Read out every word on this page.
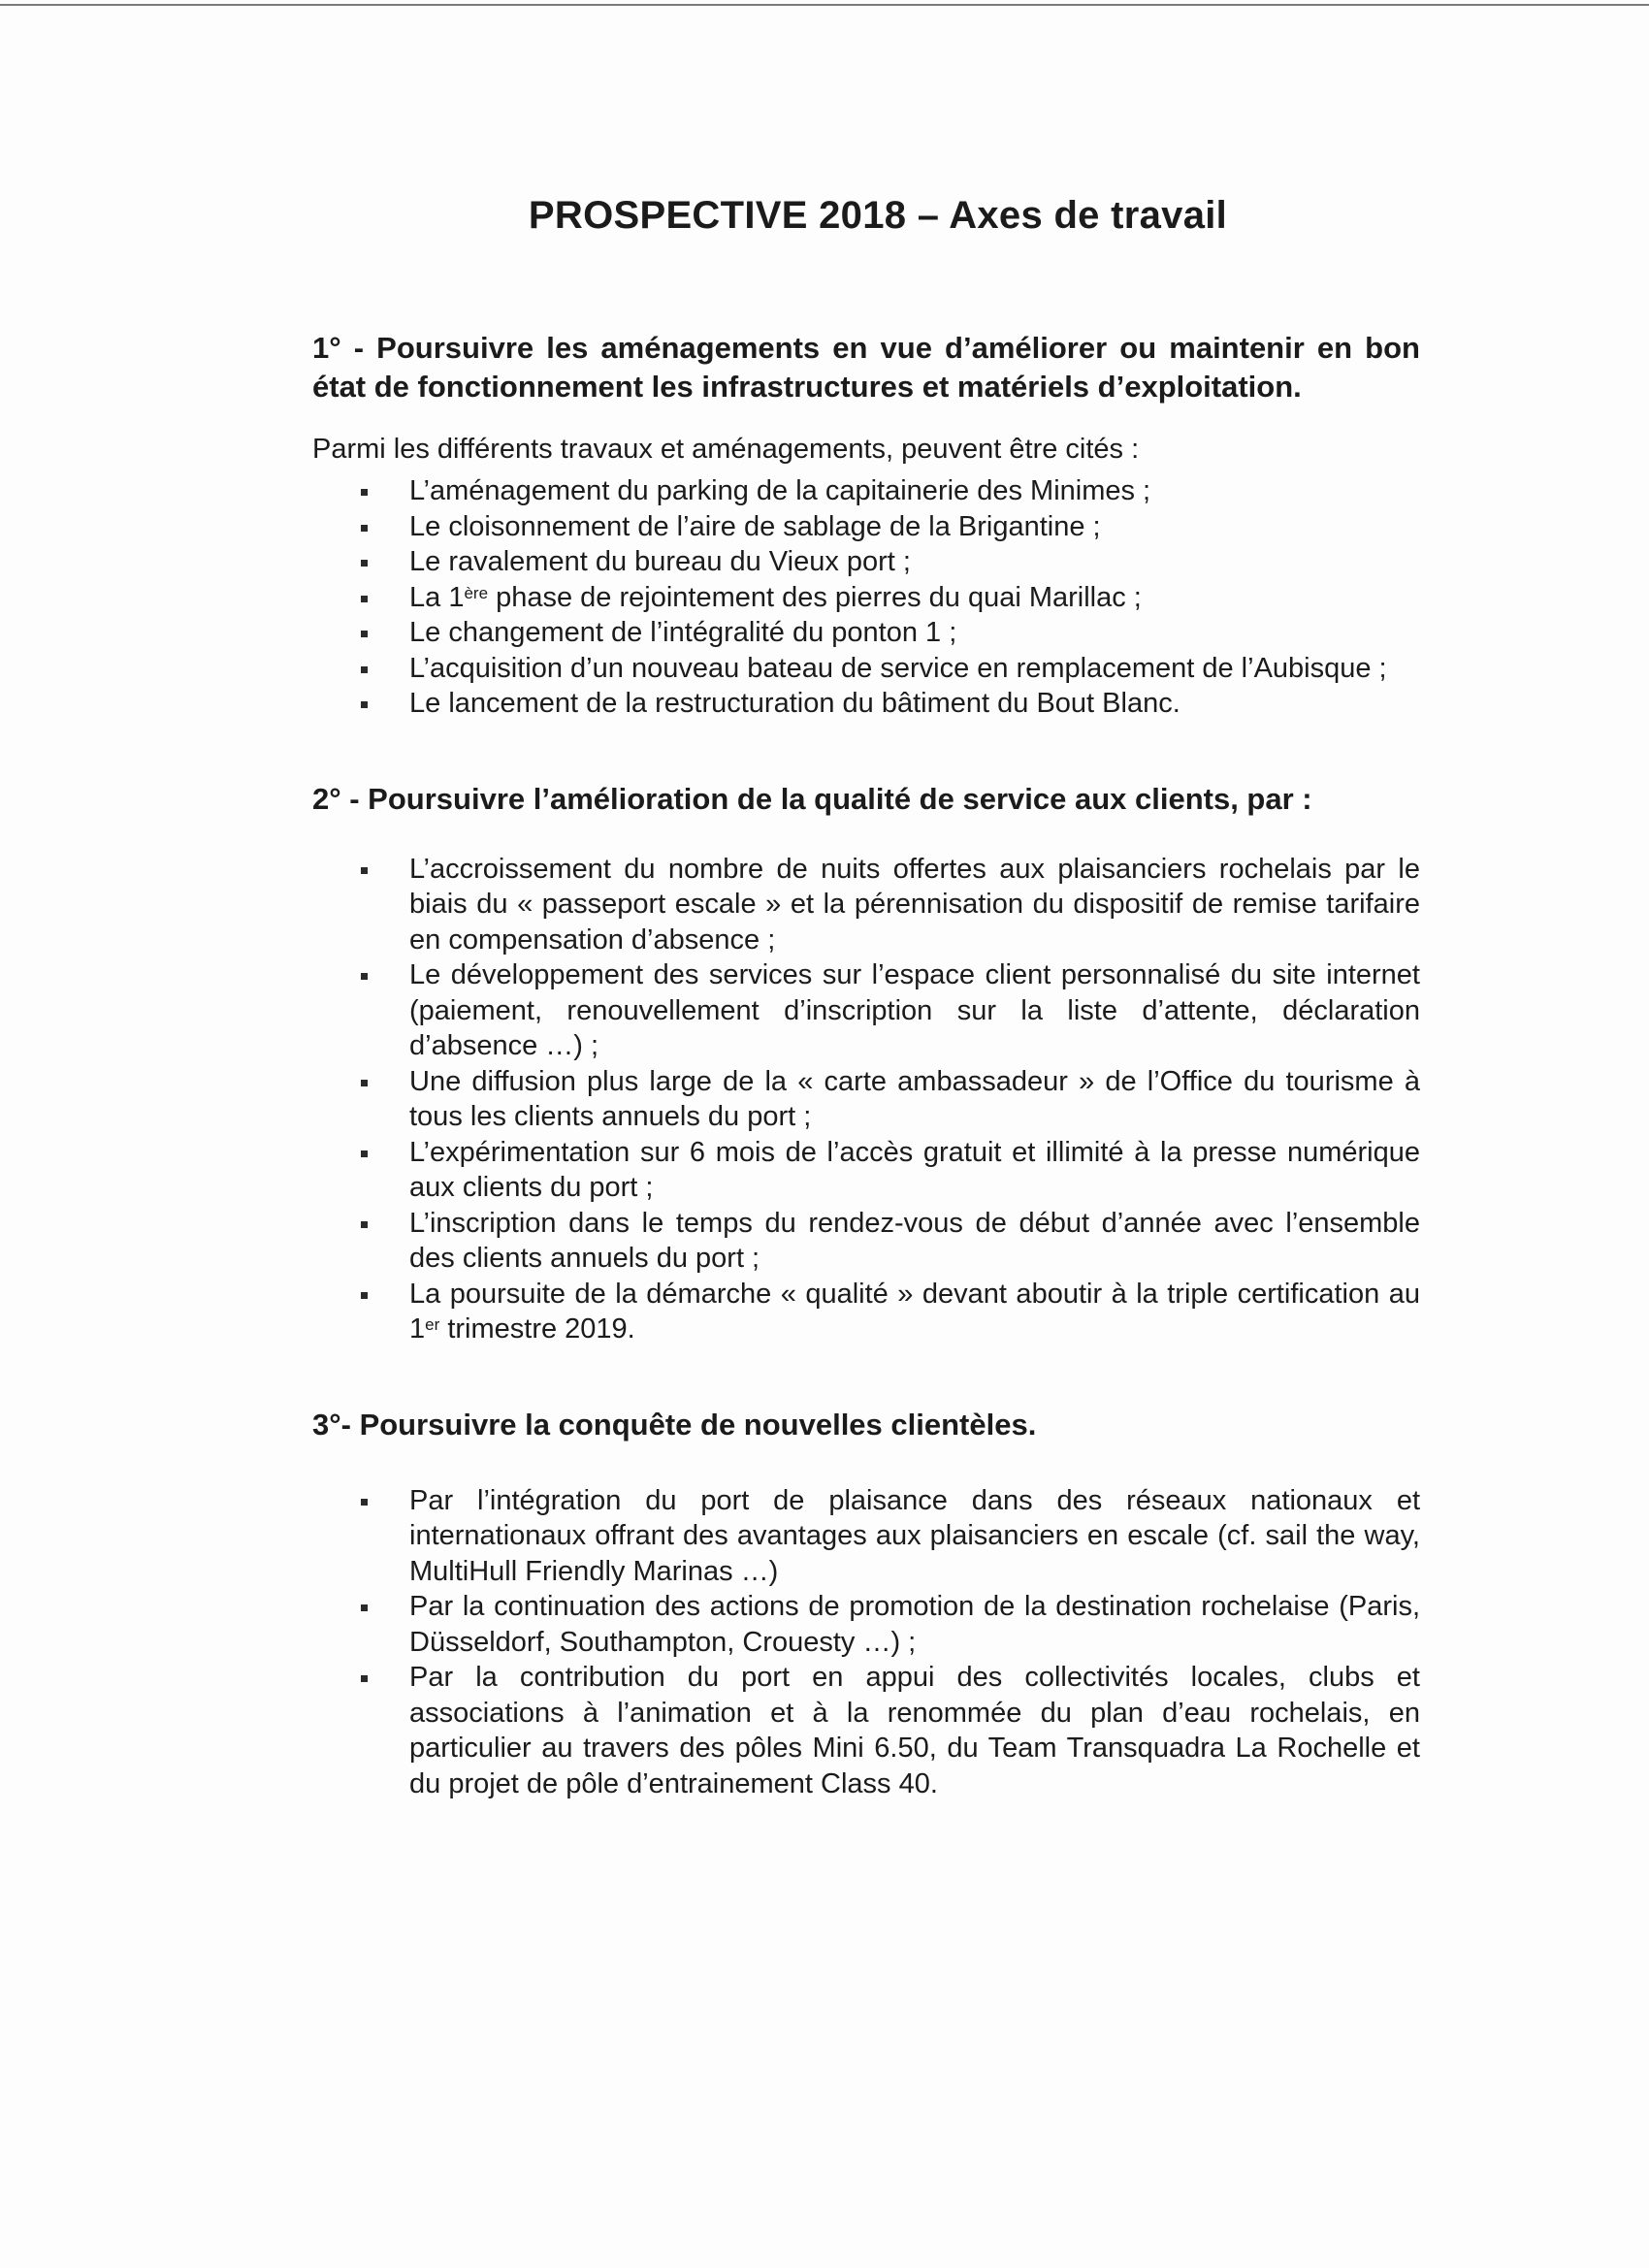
PROSPECTIVE 2018 – Axes de travail
1° - Poursuivre les aménagements en vue d’améliorer ou maintenir en bon état de fonctionnement les infrastructures et matériels d’exploitation.

Parmi les différents travaux et aménagements, peuvent être cités :

L’aménagement du parking de la capitainerie des Minimes ;
Le cloisonnement de l’aire de sablage de la Brigantine ;
Le ravalement du bureau du Vieux port ;
La 1ère phase de rejointement des pierres du quai Marillac ;
Le changement de l’intégralité du ponton 1 ;
L’acquisition d’un nouveau bateau de service en remplacement de l’Aubisque ;
Le lancement de la restructuration du bâtiment du Bout Blanc.
2° - Poursuivre l’amélioration de la qualité de service aux clients, par :
L’accroissement du nombre de nuits offertes aux plaisanciers rochelais par le biais du « passeport escale » et la pérennisation du dispositif de remise tarifaire en compensation d’absence ;
Le développement des services sur l’espace client personnalisé du site internet (paiement, renouvellement d’inscription sur la liste d’attente, déclaration d’absence …) ;
Une diffusion plus large de la « carte ambassadeur » de l’Office du tourisme à tous les clients annuels du port ;
L’expérimentation sur 6 mois de l’accès gratuit et illimité à la presse numérique aux clients du port ;
L’inscription dans le temps du rendez-vous de début d’année avec l’ensemble des clients annuels du port ;
La poursuite de la démarche « qualité » devant aboutir à la triple certification au 1er trimestre 2019.
3°- Poursuivre la conquête de nouvelles clientèles.
Par l’intégration du port de plaisance dans des réseaux nationaux et internationaux offrant des avantages aux plaisanciers en escale (cf. sail the way, MultiHull Friendly Marinas …)
Par la continuation des actions de promotion de la destination rochelaise (Paris, Düsseldorf, Southampton, Crouesty …) ;
Par la contribution du port en appui des collectivités locales, clubs et associations à l’animation et à la renommée du plan d’eau rochelais, en particulier au travers des pôles Mini 6.50, du Team Transquadra La Rochelle et du projet de pôle d’entrainement Class 40.
